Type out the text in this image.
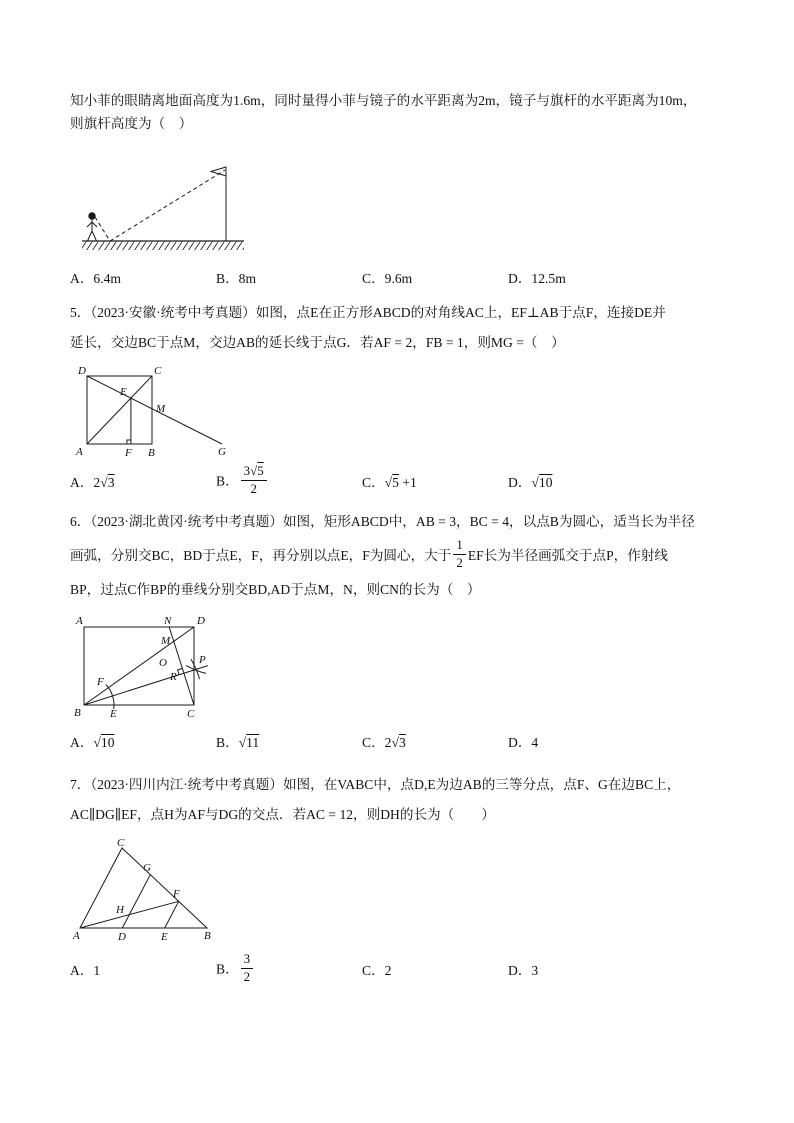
知小菲的眼睛离地面高度为1.6m，同时量得小菲与镜子的水平距离为2m，镜子与旗杆的水平距离为10m，

则旗杆高度为（　）

A．6.4m	B．8m	C．9.6m	D．12.5m

5．（2023·安徽·统考中考真题）如图，点E在正方形ABCD的对角线AC上，EF⊥AB于点F，连接DE并

延长，交边BC于点M，交边AB的延长线于点G．若AF = 2，FB = 1，则MG =（　）

D	C
E
M
A	F B	G
A．2√3	B． $\frac{3√5}{2}$	C．√5 +1	D．√10

6．（2023·湖北黄冈·统考中考真题）如图，矩形ABCD中，AB = 3，BC = 4，以点B为圆心，适当长为半径

画弧，分别交BC，BD于点E，F，再分别以点E，F为圆心，大于 $\frac{1}{2}$ EF长为半径画弧交于点P，作射线

BP，过点C作BP的垂线分别交BD,AD于点M，N，则CN的长为（　）

A	N D
M
F
O
R
P
B	E	C
A．√10	B．√11	C．2√3	D．4

7．（2023·四川内江·统考中考真题）如图，在VABC中，点D,E为边AB的三等分点，点F、G在边BC上，

AC∥DG∥EF，点H为AF与DG的交点．若AC = 12，则DH的长为（　　）

C
G
F
H
A	D	E	B
A．1	B． $\frac{3}{2}$	C．2	D．3
